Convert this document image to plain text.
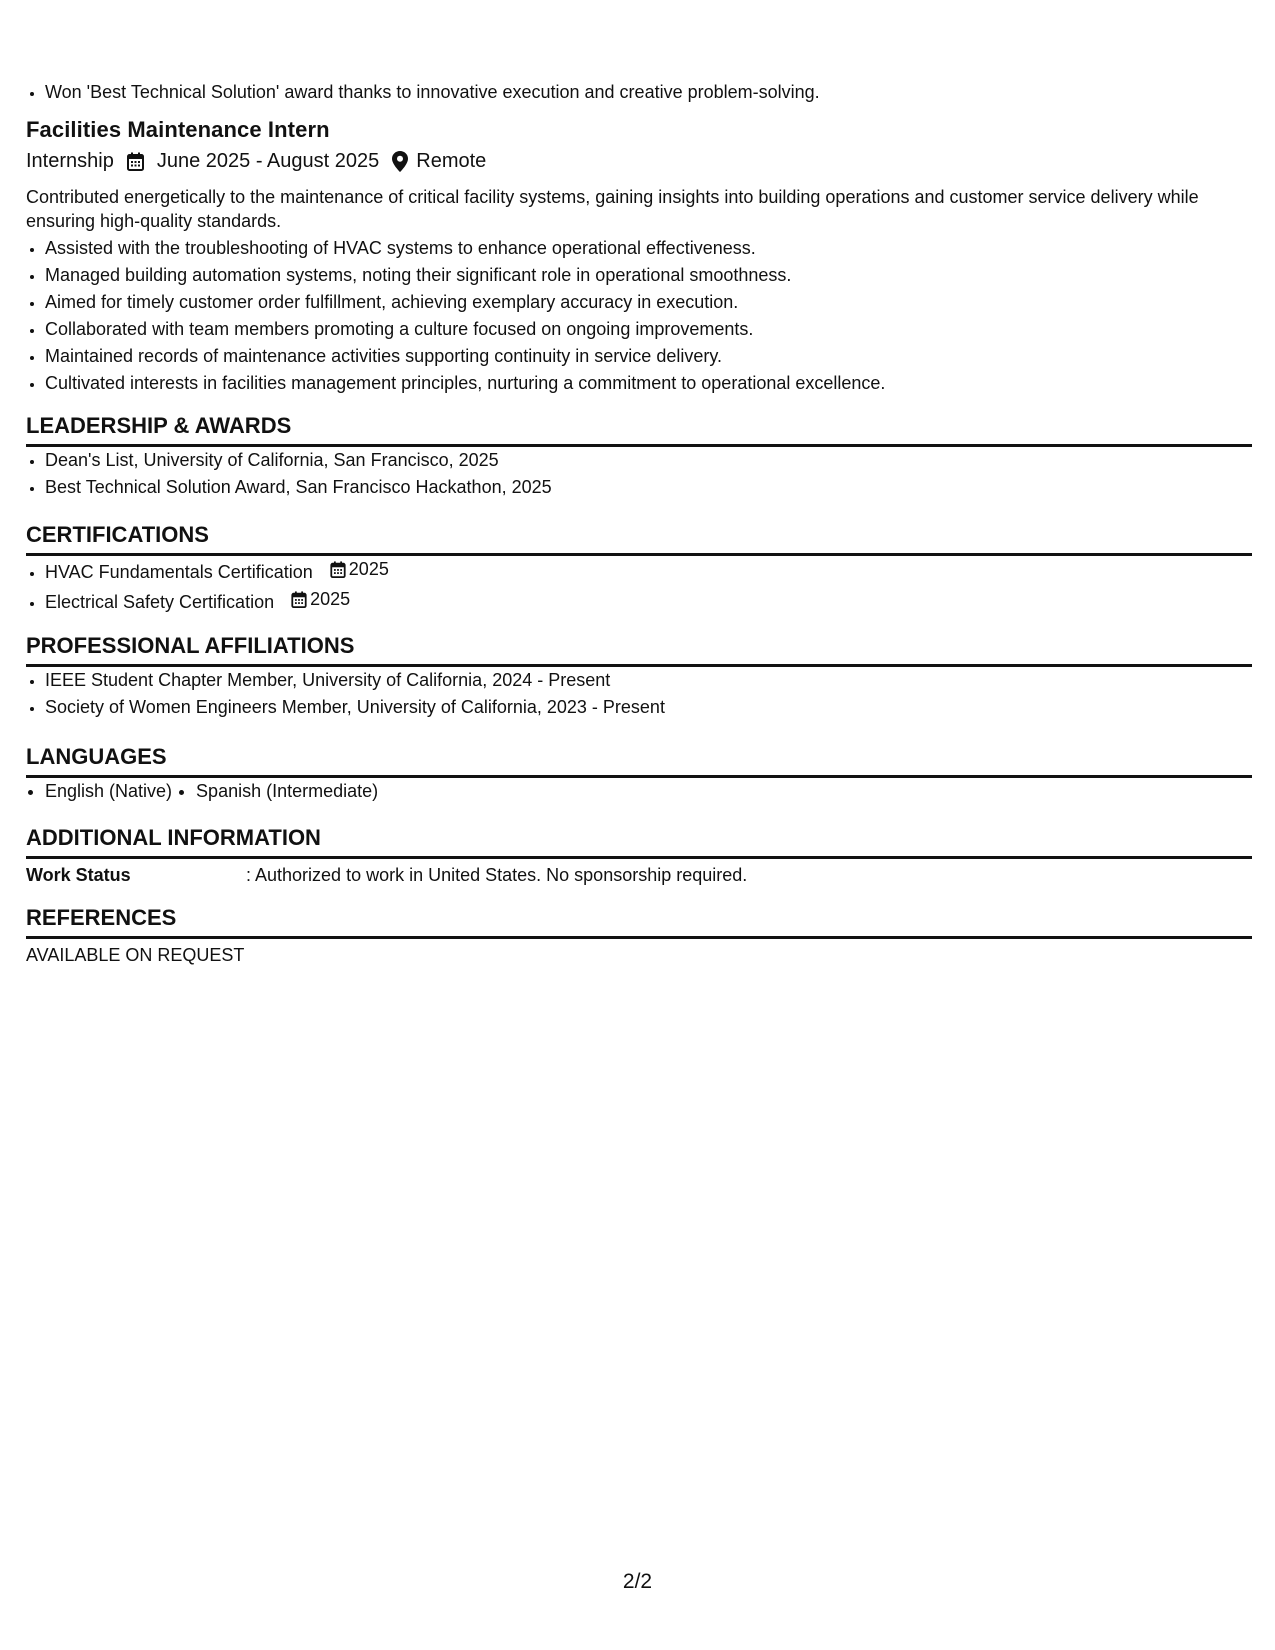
• Won 'Best Technical Solution' award thanks to innovative execution and creative problem-solving.
Facilities Maintenance Intern
Internship June 2025 - August 2025 Remote
Contributed energetically to the maintenance of critical facility systems, gaining insights into building operations and customer service delivery while ensuring high-quality standards.
• Assisted with the troubleshooting of HVAC systems to enhance operational effectiveness.
• Managed building automation systems, noting their significant role in operational smoothness.
• Aimed for timely customer order fulfillment, achieving exemplary accuracy in execution.
• Collaborated with team members promoting a culture focused on ongoing improvements.
• Maintained records of maintenance activities supporting continuity in service delivery.
• Cultivated interests in facilities management principles, nurturing a commitment to operational excellence.
LEADERSHIP & AWARDS
• Dean's List, University of California, San Francisco, 2025
• Best Technical Solution Award, San Francisco Hackathon, 2025
CERTIFICATIONS
• HVAC Fundamentals Certification 2025
• Electrical Safety Certification 2025
PROFESSIONAL AFFILIATIONS
• IEEE Student Chapter Member, University of California, 2024 - Present
• Society of Women Engineers Member, University of California, 2023 - Present
LANGUAGES
• English (Native)
• Spanish (Intermediate)
ADDITIONAL INFORMATION
Work Status	: Authorized to work in United States. No sponsorship required.
REFERENCES
AVAILABLE ON REQUEST
2/2
